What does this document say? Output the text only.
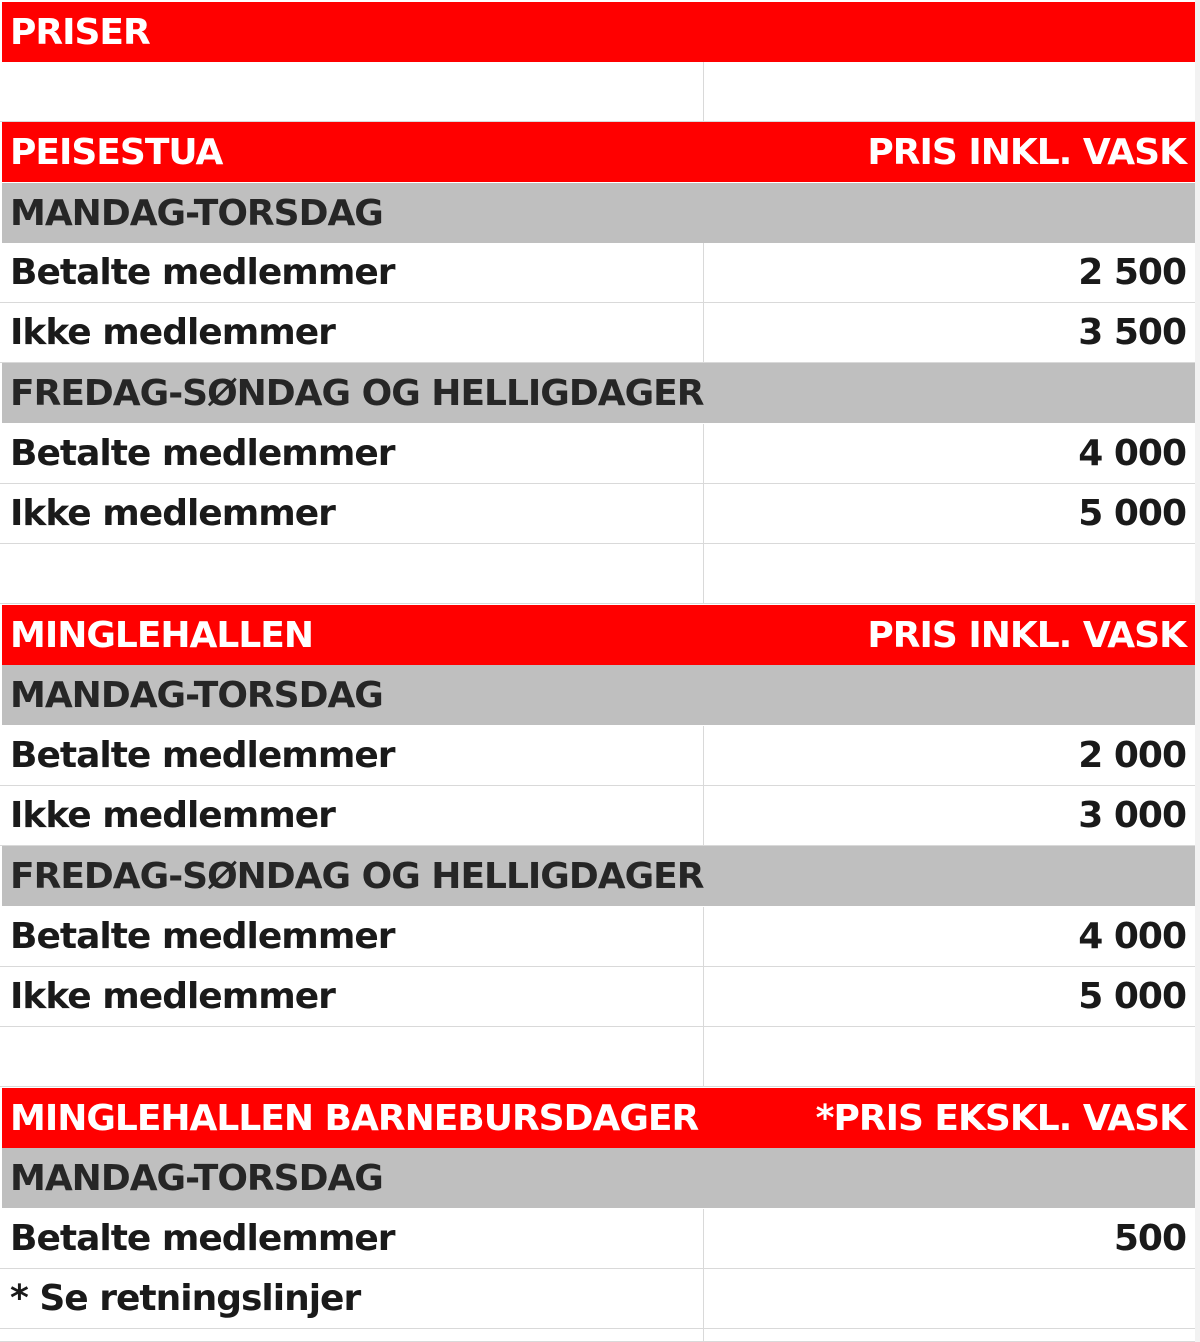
PRISER
PEISESTUA	PRIS INKL. VASK
MANDAG-TORSDAG
Betalte medlemmer	2 500
Ikke medlemmer	3 500
FREDAG-SØNDAG OG HELLIGDAGER
Betalte medlemmer	4 000
Ikke medlemmer	5 000
MINGLEHALLEN	PRIS INKL. VASK
MANDAG-TORSDAG
Betalte medlemmer	2 000
Ikke medlemmer	3 000
FREDAG-SØNDAG OG HELLIGDAGER
Betalte medlemmer	4 000
Ikke medlemmer	5 000
MINGLEHALLEN BARNEBURSDAGER	*PRIS EKSKL. VASK
MANDAG-TORSDAG
Betalte medlemmer	500
* Se retningslinjer
